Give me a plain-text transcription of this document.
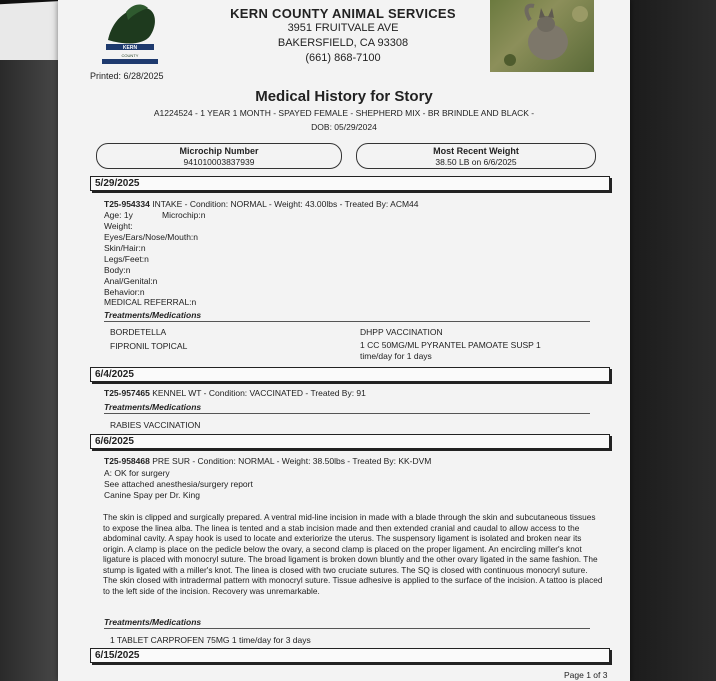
KERN
COUNTY
Printed: 6/28/2025
KERN COUNTY ANIMAL SERVICES
3951 FRUITVALE AVE
BAKERSFIELD, CA 93308
(661) 868-7100
Medical History for Story
A1224524 - 1 YEAR 1 MONTH - SPAYED FEMALE - SHEPHERD MIX - BR BRINDLE AND BLACK -
DOB: 05/29/2024
Microchip Number
941010003837939
Most Recent Weight
38.50 LB on 6/6/2025
5/29/2025
T25-954334 INTAKE - Condition: NORMAL - Weight: 43.00lbs - Treated By: ACM44
Age: 1y	Microchip:n
Weight:
Eyes/Ears/Nose/Mouth:n
Skin/Hair:n
Legs/Feet:n
Body:n
Anal/Genital:n
Behavior:n
MEDICAL REFERRAL:n
Treatments/Medications
BORDETELLA	DHPP VACCINATION
FIPRONIL TOPICAL	1 CC 50MG/ML PYRANTEL PAMOATE SUSP 1
time/day for 1 days
6/4/2025
T25-957465 KENNEL WT - Condition: VACCINATED - Treated By: 91
Treatments/Medications
RABIES VACCINATION
6/6/2025
T25-958468 PRE SUR - Condition: NORMAL - Weight: 38.50lbs - Treated By: KK-DVM
A: OK for surgery
See attached anesthesia/surgery report
Canine Spay per Dr. King
The skin is clipped and surgically prepared. A ventral mid-line incision in made with a blade through the skin and subcutaneous tissues to expose the linea alba. The linea is tented and a stab incision made and then extended cranial and caudal to allow access to the abdominal cavity. A spay hook is used to locate and exteriorize the uterus. The suspensory ligament is isolated and broken near its origin. A clamp is place on the pedicle below the ovary, a second clamp is placed on the proper ligament. An encircling miller's knot ligature is placed with monocryl suture. The broad ligament is broken down bluntly and the other ovary ligated in the same fashion. The stump is ligated with a miller's knot. The linea is closed with two cruciate sutures. The SQ is closed with continuous monocryl suture. The skin closed with intradermal pattern with monocryl suture. Tissue adhesive is applied to the surface of the incision. A tattoo is placed to the left side of the incision. Recovery was unremarkable.
Treatments/Medications
1 TABLET CARPROFEN 75MG 1 time/day for 3 days
6/15/2025
Page 1 of 3
